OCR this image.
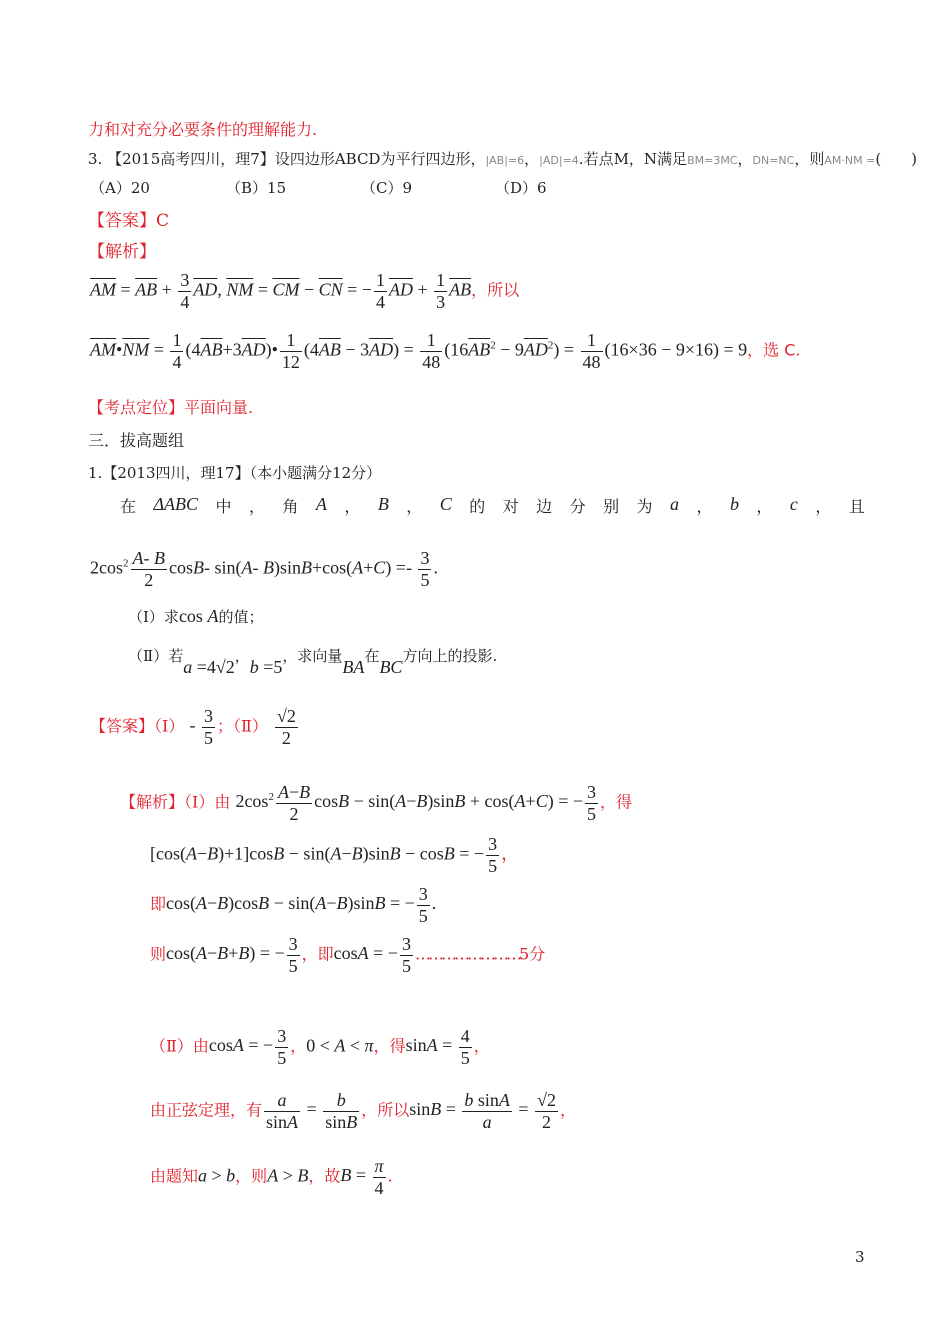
力和对充分必要条件的理解能力.
3. 【2015高考四川，理7】设四边形ABCD为平行四边形，|AB|=6，|AD|=4.若点M，N满足BM=3MC，DN=NC，则AM·NM =(　　)
（A）20	（B）15	（C）9	（D）6
【答案】C
【解析】
$\overline{AM} = \overline{AB} + \frac{3}{4} \overline{AD}$, $\overline{NM} = \overline{CM} - \overline{CN}$ = − $\frac{1}{4} \overline{AD} + \frac{1}{3} \overline{AB}$，所以
$\overline{AM}•\overline{NM} = \frac{1}{4}$ $(4\overline{AB}+3\overline{AD})• \frac{1}{12} (4\overline{AB} - 3\overline{AD}) = \frac{1}{48} (16\overline{AB}^2 - 9\overline{AD}^2) = \frac{1}{48} (16\times 36 - 9\times 16) = 9$，选 C.
【考点定位】平面向量.
三．拔高题组
1.【2013四川，理17】（本小题满分12分）
在 ΔABC 中 ， 角 A ， B ， C 的 对 边 分 别 为 a ， b ， c ， 且
$2\cos^2 \frac{A- B}{2} \cos B-$ sin(A- $B)\sin B+\cos(A+C) =- \frac{3}{5}$ .
（Ⅰ）求cos A的值；
（Ⅱ）若a =4√2，b =5，求向量BA在BC方向上的投影.
【答案】（Ⅰ） - $\frac{3}{5}$ ；（Ⅱ） $\frac{√2}{2}$
【解析】（Ⅰ）由 $2\cos^2 \frac{A-B}{2}$ cosB − sin(A−B)sinB + cos(A+C) = − $\frac{3}{5}$ ，得
[cos(A−B)+1]cosB − sin(A−B)sinB − cosB = − $\frac{3}{5}$ ，
即cos(A−B)cosB − sin(A−B)sinB = − $\frac{3}{5}$ .
则cos(A−B+B) = − $\frac{3}{5}$ ，即cosA = − $\frac{3}{5}$ ……………………5分
（Ⅱ）由cosA = − $\frac{3}{5}$ ，0 < A < π，得$\sin A = \frac{4}{5}$ ，
由正弦定理，有 $\frac{a}{\sin A} = \frac{b}{\sin B}$ ，所以$\sin B = \frac{\text{b sinA}}{a} = \frac{√2}{2}$ ，
由题知a > b，则A > B，故$B = \frac{\pi}{4}$ .
3
